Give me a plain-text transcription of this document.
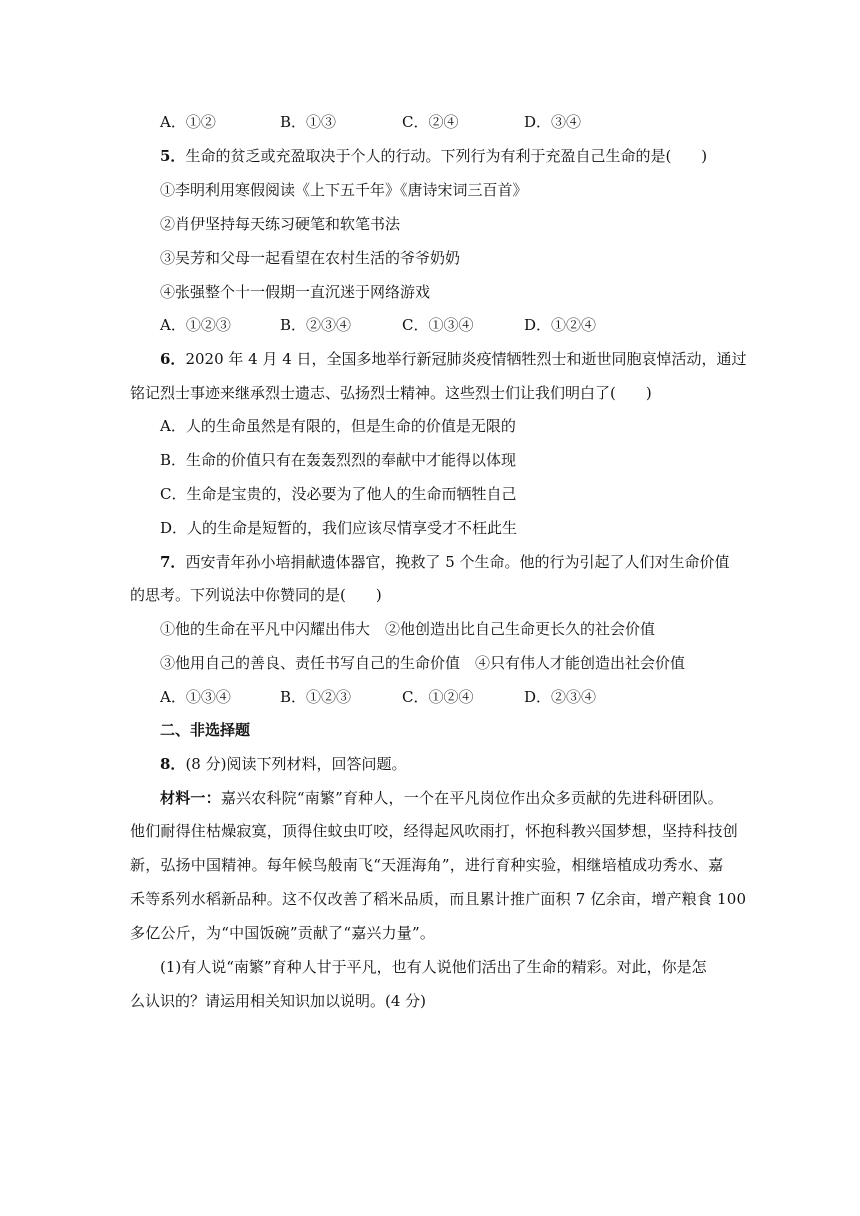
A．①②	B．①③	C．②④	D．③④
5．生命的贫乏或充盈取决于个人的行动。下列行为有利于充盈自己生命的是(　　)
①李明利用寒假阅读《上下五千年》《唐诗宋词三百首》
②肖伊坚持每天练习硬笔和软笔书法
③吴芳和父母一起看望在农村生活的爷爷奶奶
④张强整个十一假期一直沉迷于网络游戏
A．①②③	B．②③④	C．①③④	D．①②④
6．2020 年 4 月 4 日，全国多地举行新冠肺炎疫情牺牲烈士和逝世同胞哀悼活动，通过
铭记烈士事迹来继承烈士遗志、弘扬烈士精神。这些烈士们让我们明白了(　　)
A．人的生命虽然是有限的，但是生命的价值是无限的
B．生命的价值只有在轰轰烈烈的奉献中才能得以体现
C．生命是宝贵的，没必要为了他人的生命而牺牲自己
D．人的生命是短暂的，我们应该尽情享受才不枉此生
7．西安青年孙小培捐献遗体器官，挽救了 5 个生命。他的行为引起了人们对生命价值
的思考。下列说法中你赞同的是(　　)
①他的生命在平凡中闪耀出伟大　②他创造出比自己生命更长久的社会价值
③他用自己的善良、责任书写自己的生命价值　④只有伟人才能创造出社会价值
A．①③④	B．①②③	C．①②④	D．②③④
二、非选择题
8．(8 分)阅读下列材料，回答问题。
材料一：嘉兴农科院“南繁”育种人，一个在平凡岗位作出众多贡献的先进科研团队。
他们耐得住枯燥寂寞，顶得住蚊虫叮咬，经得起风吹雨打，怀抱科教兴国梦想，坚持科技创
新，弘扬中国精神。每年候鸟般南飞“天涯海角”，进行育种实验，相继培植成功秀水、嘉
禾等系列水稻新品种。这不仅改善了稻米品质，而且累计推广面积 7 亿余亩，增产粮食 100
多亿公斤，为“中国饭碗”贡献了“嘉兴力量”。
(1)有人说“南繁”育种人甘于平凡，也有人说他们活出了生命的精彩。对此，你是怎
么认识的？请运用相关知识加以说明。(4 分)
